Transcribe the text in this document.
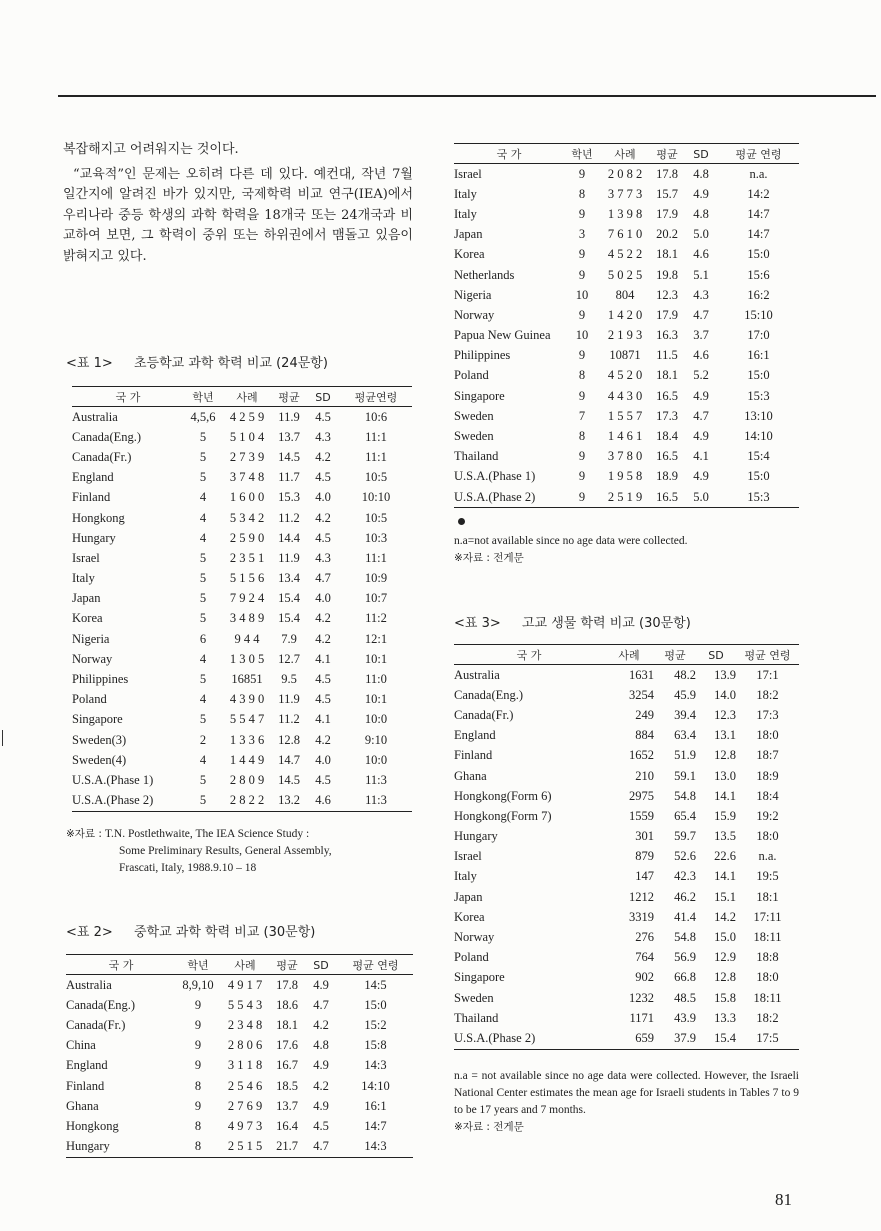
복잡해지고 어려워지는 것이다.

“교육적”인 문제는 오히려 다른 데 있다. 예컨대, 작년 7월 일간지에 알려진 바가 있지만, 국제학력 비교 연구(IEA)에서 우리나라 중등 학생의 과학 학력을 18개국 또는 24개국과 비교하여 보면, 그 학력이 중위 또는 하위권에서 맴돌고 있음이 밝혀지고 있다.

<표 1> 초등학교 과학 학력 비교 (24문항)
국 가	학년	사례	평균	SD	평균연령
Australia	4,5,6	4 2 5 9	11.9	4.5	10:6
Canada(Eng.)	5	5 1 0 4	13.7	4.3	11:1
Canada(Fr.)	5	2 7 3 9	14.5	4.2	11:1
England	5	3 7 4 8	11.7	4.5	10:5
Finland	4	1 6 0 0	15.3	4.0	10:10
Hongkong	4	5 3 4 2	11.2	4.2	10:5
Hungary	4	2 5 9 0	14.4	4.5	10:3
Israel	5	2 3 5 1	11.9	4.3	11:1
Italy	5	5 1 5 6	13.4	4.7	10:9
Japan	5	7 9 2 4	15.4	4.0	10:7
Korea	5	3 4 8 9	15.4	4.2	11:2
Nigeria	6	9 4 4	7.9	4.2	12:1
Norway	4	1 3 0 5	12.7	4.1	10:1
Philippines	5	16851	9.5	4.5	11:0
Poland	4	4 3 9 0	11.9	4.5	10:1
Singapore	5	5 5 4 7	11.2	4.1	10:0
Sweden(3)	2	1 3 3 6	12.8	4.2	9:10
Sweden(4)	4	1 4 4 9	14.7	4.0	10:0
U.S.A.(Phase 1)	5	2 8 0 9	14.5	4.5	11:3
U.S.A.(Phase 2)	5	2 8 2 2	13.2	4.6	11:3
※자료 : T.N. Postlethwaite, The IEA Science Study :
Some Preliminary Results, General Assembly,
Frascati, Italy, 1988.9.10 – 18
<표 2> 중학교 과학 학력 비교 (30문항)
국 가	학년	사례	평균	SD	평균 연령
Australia	8,9,10	4 9 1 7	17.8	4.9	14:5
Canada(Eng.)	9	5 5 4 3	18.6	4.7	15:0
Canada(Fr.)	9	2 3 4 8	18.1	4.2	15:2
China	9	2 8 0 6	17.6	4.8	15:8
England	9	3 1 1 8	16.7	4.9	14:3
Finland	8	2 5 4 6	18.5	4.2	14:10
Ghana	9	2 7 6 9	13.7	4.9	16:1
Hongkong	8	4 9 7 3	16.4	4.5	14:7
Hungary	8	2 5 1 5	21.7	4.7	14:3
국 가	학년	사례	평균	SD	평균 연령
Israel	9	2 0 8 2	17.8	4.8	n.a.
Italy	8	3 7 7 3	15.7	4.9	14:2
Italy	9	1 3 9 8	17.9	4.8	14:7
Japan	3	7 6 1 0	20.2	5.0	14:7
Korea	9	4 5 2 2	18.1	4.6	15:0
Netherlands	9	5 0 2 5	19.8	5.1	15:6
Nigeria	10	804	12.3	4.3	16:2
Norway	9	1 4 2 0	17.9	4.7	15:10
Papua New Guinea	10	2 1 9 3	16.3	3.7	17:0
Philippines	9	10871	11.5	4.6	16:1
Poland	8	4 5 2 0	18.1	5.2	15:0
Singapore	9	4 4 3 0	16.5	4.9	15:3
Sweden	7	1 5 5 7	17.3	4.7	13:10
Sweden	8	1 4 6 1	18.4	4.9	14:10
Thailand	9	3 7 8 0	16.5	4.1	15:4
U.S.A.(Phase 1)	9	1 9 5 8	18.9	4.9	15:0
U.S.A.(Phase 2)	9	2 5 1 9	16.5	5.0	15:3
n.a=not available since no age data were collected.
※자료 : 전게문
<표 3> 고교 생물 학력 비교 (30문항)
국 가	사례	평균	SD	평균 연령
Australia	1631	48.2	13.9	17:1
Canada(Eng.)	3254	45.9	14.0	18:2
Canada(Fr.)	249	39.4	12.3	17:3
England	884	63.4	13.1	18:0
Finland	1652	51.9	12.8	18:7
Ghana	210	59.1	13.0	18:9
Hongkong(Form 6)	2975	54.8	14.1	18:4
Hongkong(Form 7)	1559	65.4	15.9	19:2
Hungary	301	59.7	13.5	18:0
Israel	879	52.6	22.6	n.a.
Italy	147	42.3	14.1	19:5
Japan	1212	46.2	15.1	18:1
Korea	3319	41.4	14.2	17:11
Norway	276	54.8	15.0	18:11
Poland	764	56.9	12.9	18:8
Singapore	902	66.8	12.8	18:0
Sweden	1232	48.5	15.8	18:11
Thailand	1171	43.9	13.3	18:2
U.S.A.(Phase 2)	659	37.9	15.4	17:5
n.a = not available since no age data were collected. However, the Israeli National Center estimates the mean age for Israeli students in Tables 7 to 9 to be 17 years and 7 months.
※자료 : 전게문
81
